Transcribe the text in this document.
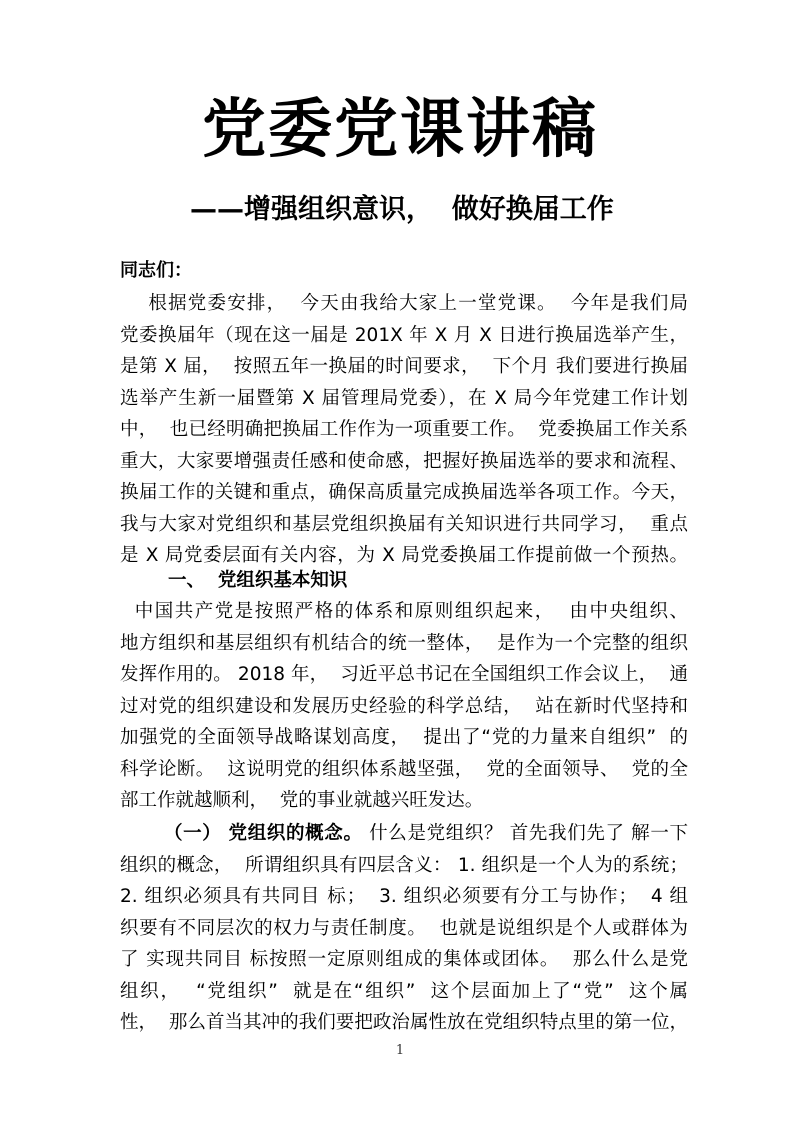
党委党课讲稿
——增强组织意识，  做好换届工作
同志们：
根据党委安排，  今天由我给大家上一堂党课。  今年是我们局
党委换届年（现在这一届是 201X 年 X 月 X 日进行换届选举产生，
是第 X 届，  按照五年一换届的时间要求，  下个月 我们要进行换届
选举产生新一届暨第 X 届管理局党委），在 X 局今年党建工作计划
中，  也已经明确把换届工作作为一项重要工作。  党委换届工作关系
重大，大家要增强责任感和使命感，把握好换届选举的要求和流程、
换届工作的关键和重点，确保高质量完成换届选举各项工作。今天，
我与大家对党组织和基层党组织换届有关知识进行共同学习，  重点
是 X 局党委层面有关内容，为 X 局党委换届工作提前做一个预热。
一、  党组织基本知识
中国共产党是按照严格的体系和原则组织起来，  由中央组织、
地方组织和基层组织有机结合的统一整体，  是作为一个完整的组织
发挥作用的。 2018 年，  习近平总书记在全国组织工作会议上，  通
过对党的组织建设和发展历史经验的科学总结，  站在新时代坚持和
加强党的全面领导战略谋划高度，  提出了“党的力量来自组织”  的
科学论断。  这说明党的组织体系越坚强，  党的全面领导、  党的全
部工作就越顺利，  党的事业就越兴旺发达。
（一） 党组织的概念。 什么是党组织？ 首先我们先了 解一下
组织的概念，  所谓组织具有四层含义： 1. 组织是一个人为的系统；
2. 组织必须具有共同目 标；  3. 组织必须要有分工与协作；  4 组
织要有不同层次的权力与责任制度。  也就是说组织是个人或群体为
了 实现共同目 标按照一定原则组成的集体或团体。  那么什么是党
组织，  “党组织”  就是在“组织”  这个层面加上了“党”  这个属
性，  那么首当其冲的我们要把政治属性放在党组织特点里的第一位，
1
